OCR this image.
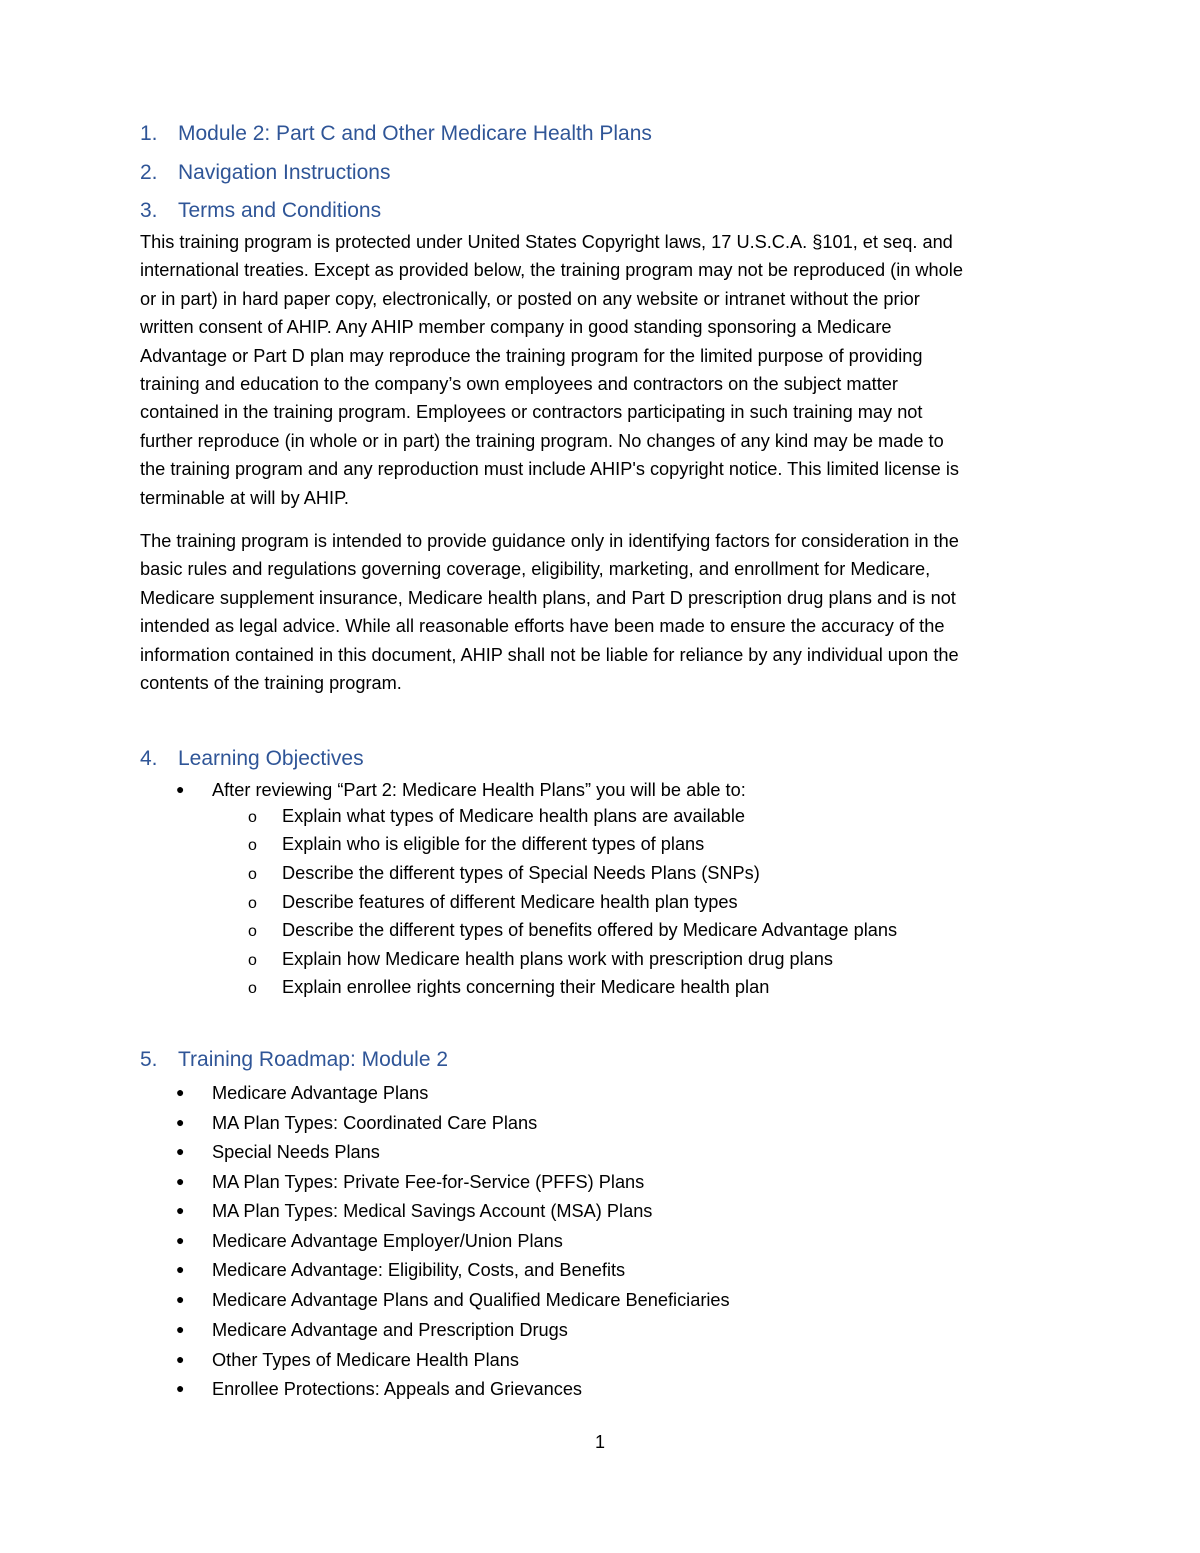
1. Module 2: Part C and Other Medicare Health Plans
2. Navigation Instructions
3. Terms and Conditions
This training program is protected under United States Copyright laws, 17 U.S.C.A. §101, et seq. and
international treaties. Except as provided below, the training program may not be reproduced (in whole
or in part) in hard paper copy, electronically, or posted on any website or intranet without the prior
written consent of AHIP. Any AHIP member company in good standing sponsoring a Medicare
Advantage or Part D plan may reproduce the training program for the limited purpose of providing
training and education to the company’s own employees and contractors on the subject matter
contained in the training program. Employees or contractors participating in such training may not
further reproduce (in whole or in part) the training program. No changes of any kind may be made to
the training program and any reproduction must include AHIP's copyright notice. This limited license is
terminable at will by AHIP.
The training program is intended to provide guidance only in identifying factors for consideration in the
basic rules and regulations governing coverage, eligibility, marketing, and enrollment for Medicare,
Medicare supplement insurance, Medicare health plans, and Part D prescription drug plans and is not
intended as legal advice. While all reasonable efforts have been made to ensure the accuracy of the
information contained in this document, AHIP shall not be liable for reliance by any individual upon the
contents of the training program.
4. Learning Objectives
● After reviewing “Part 2: Medicare Health Plans” you will be able to:
o Explain what types of Medicare health plans are available
o Explain who is eligible for the different types of plans
o Describe the different types of Special Needs Plans (SNPs)
o Describe features of different Medicare health plan types
o Describe the different types of benefits offered by Medicare Advantage plans
o Explain how Medicare health plans work with prescription drug plans
o Explain enrollee rights concerning their Medicare health plan
5. Training Roadmap: Module 2
● Medicare Advantage Plans
● MA Plan Types: Coordinated Care Plans
● Special Needs Plans
● MA Plan Types: Private Fee-for-Service (PFFS) Plans
● MA Plan Types: Medical Savings Account (MSA) Plans
● Medicare Advantage Employer/Union Plans
● Medicare Advantage: Eligibility, Costs, and Benefits
● Medicare Advantage Plans and Qualified Medicare Beneficiaries
● Medicare Advantage and Prescription Drugs
● Other Types of Medicare Health Plans
● Enrollee Protections: Appeals and Grievances
1
